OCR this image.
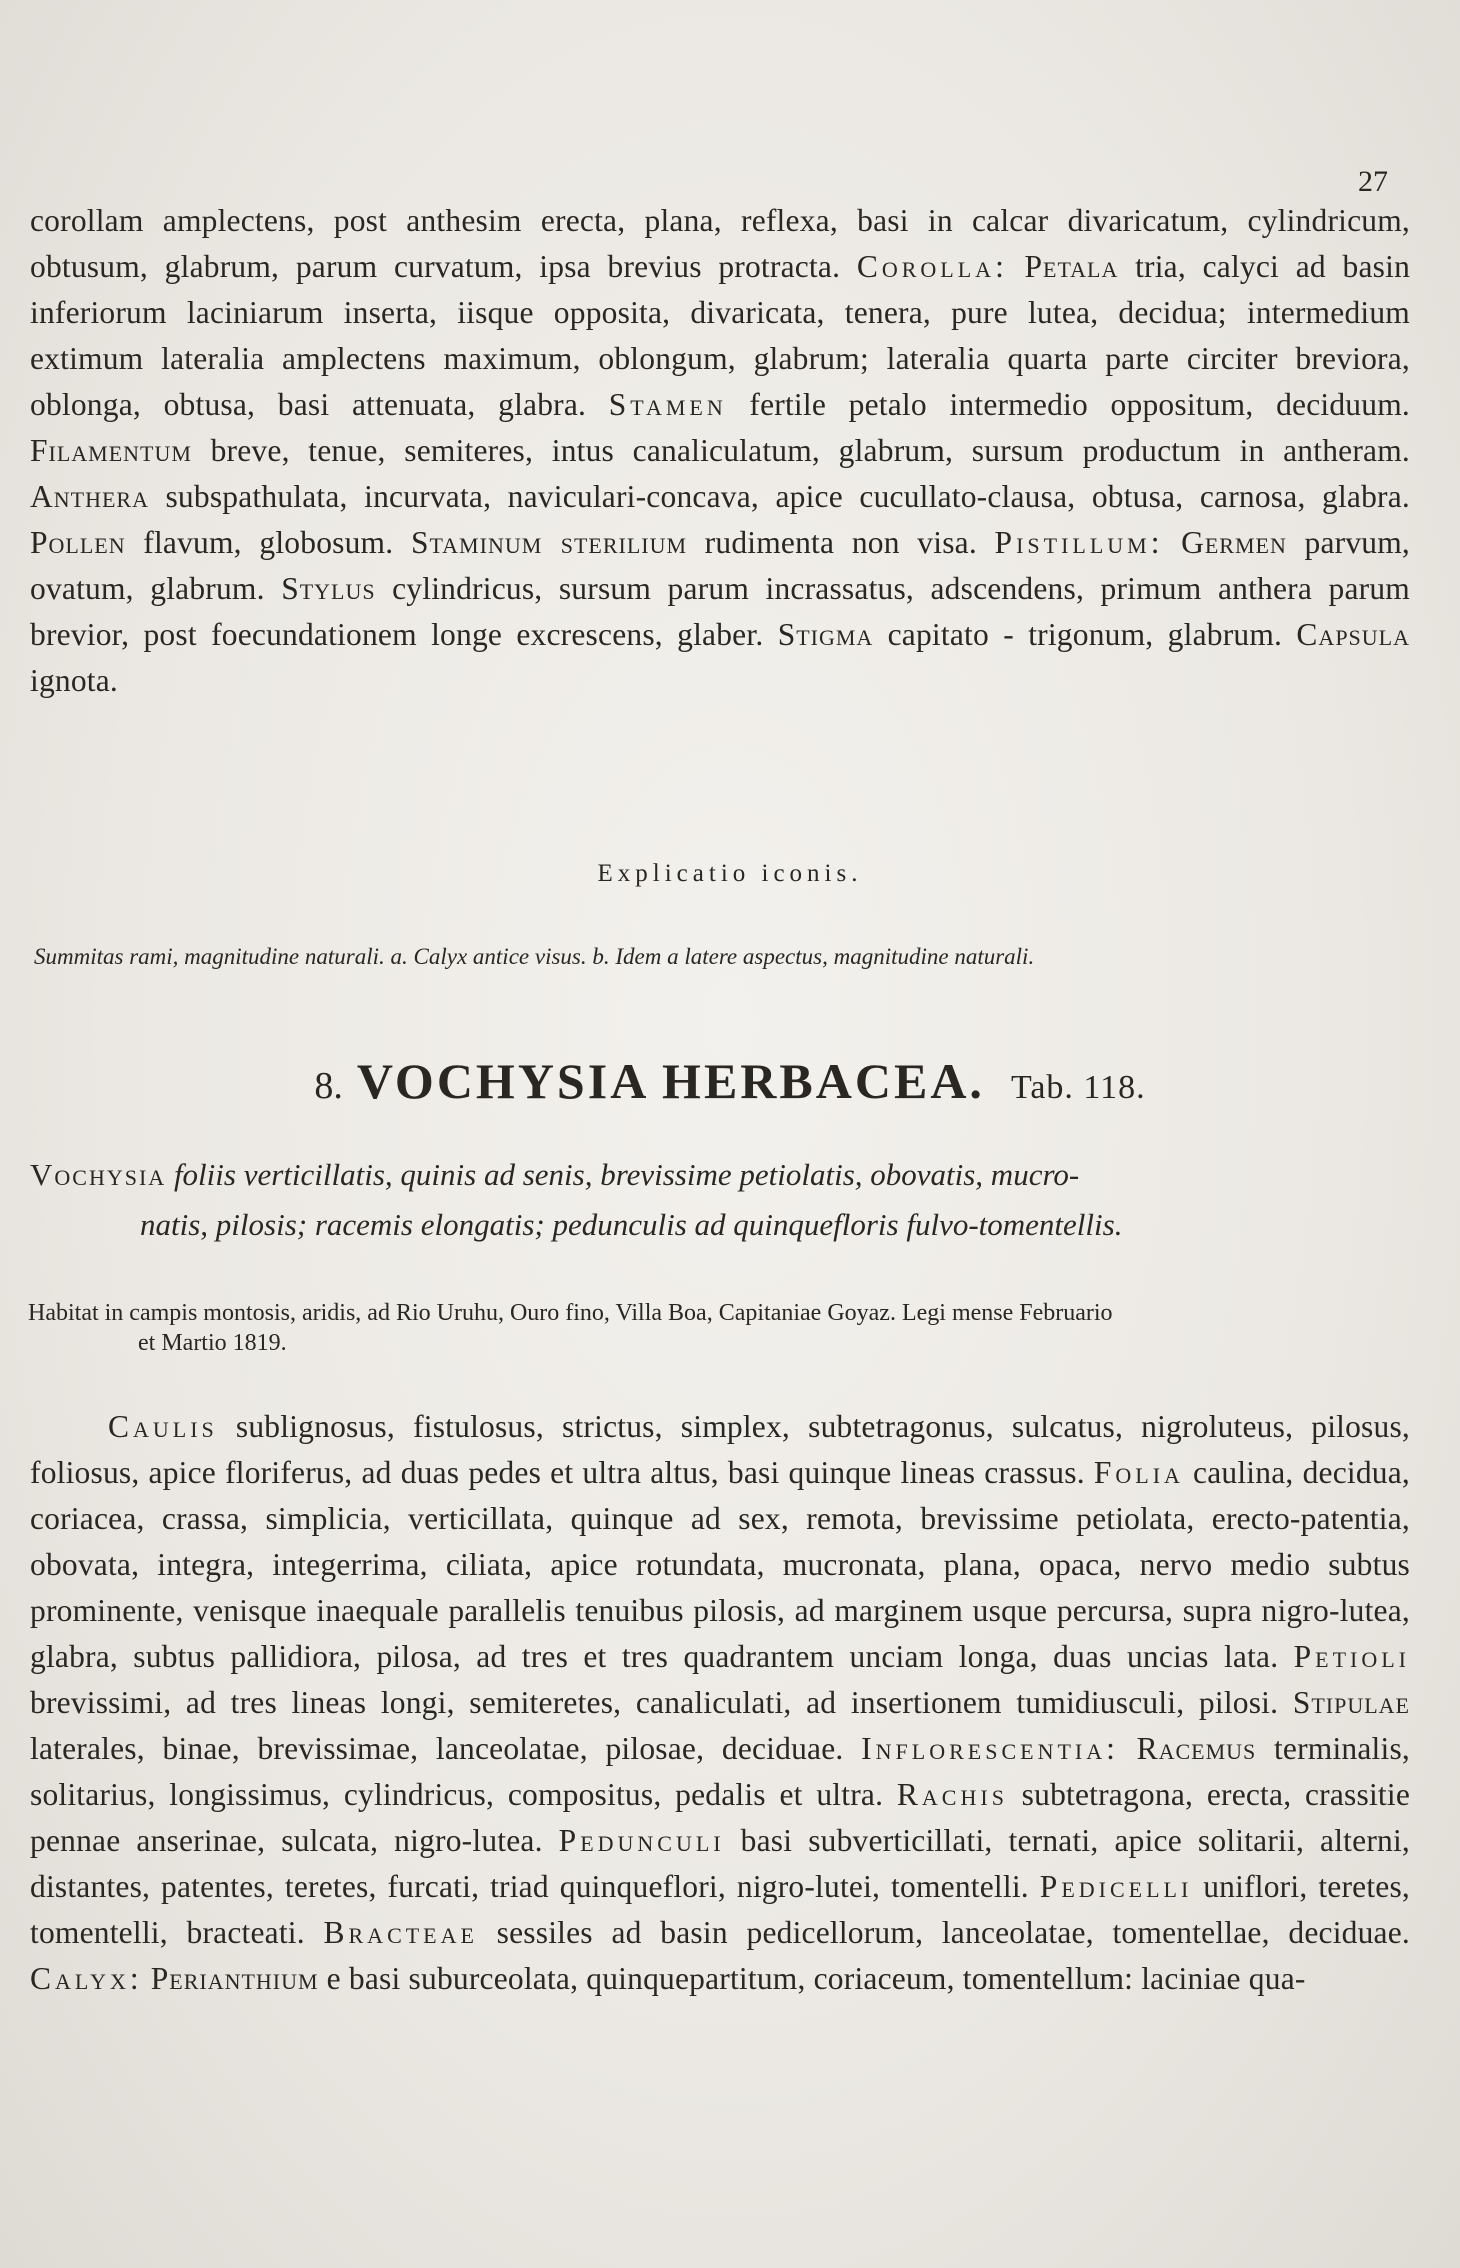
27

corollam amplectens, post anthesim erecta, plana, reflexa, basi in calcar divaricatum, cylindricum, obtusum, glabrum, parum curvatum, ipsa brevius protracta. Corolla: Petala tria, calyci ad basin inferiorum laciniarum inserta, iisque opposita, divaricata, tenera, pure lutea, decidua; intermedium extimum lateralia amplectens maximum, oblongum, glabrum; lateralia quarta parte circiter breviora, oblonga, obtusa, basi attenuata, glabra. Stamen fertile petalo intermedio oppositum, deciduum. Filamentum breve, tenue, semiteres, intus canaliculatum, glabrum, sursum productum in antheram. Anthera subspathulata, incurvata, naviculari-concava, apice cucullato-clausa, obtusa, carnosa, glabra. Pollen flavum, globosum. Staminum sterilium rudimenta non visa. Pistillum: Germen parvum, ovatum, glabrum. Stylus cylindricus, sursum parum incrassatus, adscendens, primum anthera parum brevior, post foecundationem longe excrescens, glaber. Stigma capitato - trigonum, glabrum. Capsula ignota.

Explicatio iconis.
Summitas rami, magnitudine naturali. a. Calyx antice visus. b. Idem a latere aspectus, magnitudine naturali.
8. VOCHYSIA HERBACEA. Tab. 118.
Vochysia foliis verticillatis, quinis ad senis, brevissime petiolatis, obovatis, mucro-
natis, pilosis; racemis elongatis; pedunculis ad quinquefloris fulvo-tomentellis.
Habitat in campis montosis, aridis, ad Rio Uruhu, Ouro fino, Villa Boa, Capitaniae Goyaz. Legi mense Februario
et Martio 1819.

Caulis sublignosus, fistulosus, strictus, simplex, subtetragonus, sulcatus, nigroluteus, pilosus, foliosus, apice floriferus, ad duas pedes et ultra altus, basi quinque lineas crassus. Folia caulina, decidua, coriacea, crassa, simplicia, verticillata, quinque ad sex, remota, brevissime petiolata, erecto-patentia, obovata, integra, integerrima, ciliata, apice rotundata, mucronata, plana, opaca, nervo medio subtus prominente, venisque inaequale parallelis tenuibus pilosis, ad marginem usque percursa, supra nigro-lutea, glabra, subtus pallidiora, pilosa, ad tres et tres quadrantem unciam longa, duas uncias lata. Petioli brevissimi, ad tres lineas longi, semiteretes, canaliculati, ad insertionem tumidiusculi, pilosi. Stipulae laterales, binae, brevissimae, lanceolatae, pilosae, deciduae. Inflorescentia: Racemus terminalis, solitarius, longissimus, cylindricus, compositus, pedalis et ultra. Rachis subtetragona, erecta, crassitie pennae anserinae, sulcata, nigro-lutea. Pedunculi basi subverticillati, ternati, apice solitarii, alterni, distantes, patentes, teretes, furcati, triad quinqueflori, nigro-lutei, tomentelli. Pedicelli uniflori, teretes, tomentelli, bracteati. Bracteae sessiles ad basin pedicellorum, lanceolatae, tomentellae, deciduae. Calyx: Perianthium e basi suburceolata, quinquepartitum, coriaceum, tomentellum: laciniae qua-
